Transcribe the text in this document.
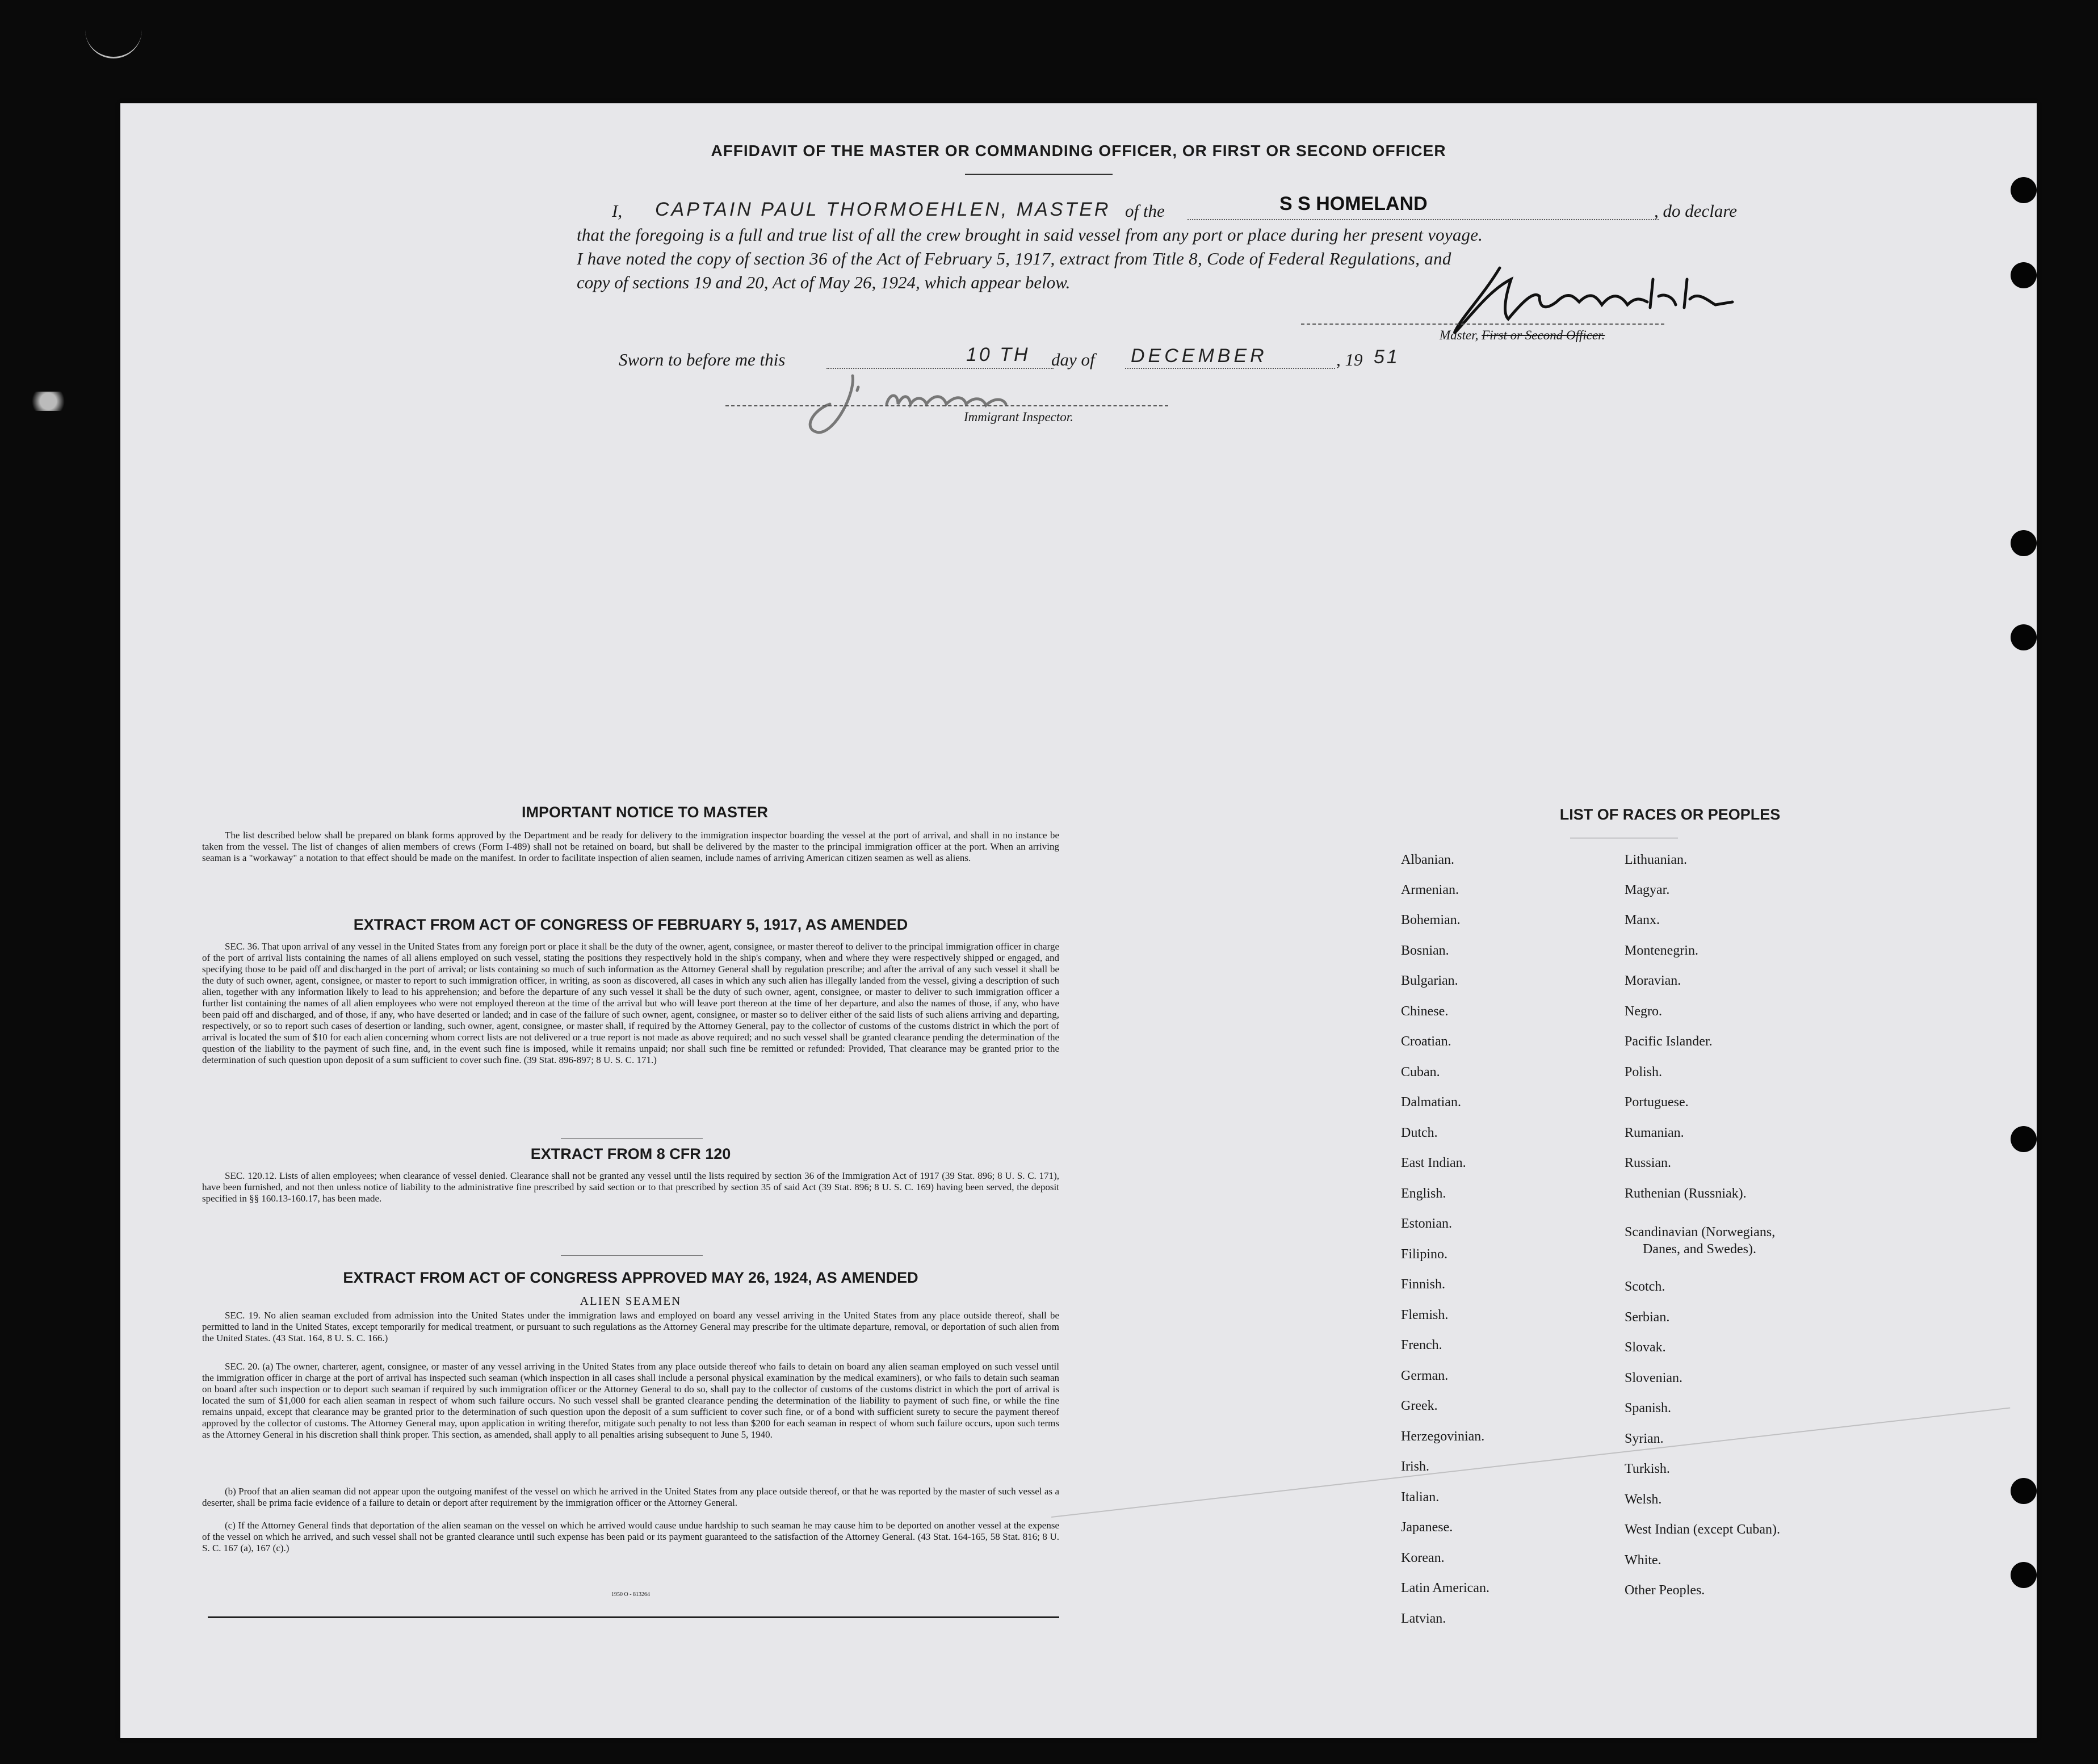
AFFIDAVIT OF THE MASTER OR COMMANDING OFFICER, OR FIRST OR SECOND OFFICER
I, CAPTAIN PAUL THORMOEHLEN, MASTER of the	S S HOMELAND	, do declare
that the foregoing is a full and true list of all the crew brought in said vessel from any port or place during her present voyage.
I have noted the copy of section 36 of the Act of February 5, 1917, extract from Title 8, Code of Federal Regulations, and
copy of sections 19 and 20, Act of May 26, 1924, which appear below.
Master, First or Second Officer.
Sworn to before me this	10 TH day of DECEMBER	, 19 51
Immigrant Inspector.
IMPORTANT NOTICE TO MASTER
The list described below shall be prepared on blank forms approved by the Department and be ready for delivery to the immigration inspector boarding the vessel at the port of arrival, and shall in no instance be taken from the vessel. The list of changes of alien members of crews (Form I-489) shall not be retained on board, but shall be delivered by the master to the principal immigration officer at the port. When an arriving seaman is a "workaway" a notation to that effect should be made on the manifest. In order to facilitate inspection of alien seamen, include names of arriving American citizen seamen as well as aliens.
EXTRACT FROM ACT OF CONGRESS OF FEBRUARY 5, 1917, AS AMENDED
SEC. 36. That upon arrival of any vessel in the United States from any foreign port or place it shall be the duty of the owner, agent, consignee, or master thereof to deliver to the principal immigration officer in charge of the port of arrival lists containing the names of all aliens employed on such vessel, stating the positions they respectively hold in the ship's company, when and where they were respectively shipped or engaged, and specifying those to be paid off and discharged in the port of arrival; or lists containing so much of such information as the Attorney General shall by regulation prescribe; and after the arrival of any such vessel it shall be the duty of such owner, agent, consignee, or master to report to such immigration officer, in writing, as soon as discovered, all cases in which any such alien has illegally landed from the vessel, giving a description of such alien, together with any information likely to lead to his apprehension; and before the departure of any such vessel it shall be the duty of such owner, agent, consignee, or master to deliver to such immigration officer a further list containing the names of all alien employees who were not employed thereon at the time of the arrival but who will leave port thereon at the time of her departure, and also the names of those, if any, who have been paid off and discharged, and of those, if any, who have deserted or landed; and in case of the failure of such owner, agent, consignee, or master so to deliver either of the said lists of such aliens arriving and departing, respectively, or so to report such cases of desertion or landing, such owner, agent, consignee, or master shall, if required by the Attorney General, pay to the collector of customs of the customs district in which the port of arrival is located the sum of $10 for each alien concerning whom correct lists are not delivered or a true report is not made as above required; and no such vessel shall be granted clearance pending the determination of the question of the liability to the payment of such fine, and, in the event such fine is imposed, while it remains unpaid; nor shall such fine be remitted or refunded: Provided, That clearance may be granted prior to the determination of such question upon deposit of a sum sufficient to cover such fine. (39 Stat. 896-897; 8 U. S. C. 171.)
EXTRACT FROM 8 CFR 120
SEC. 120.12. Lists of alien employees; when clearance of vessel denied. Clearance shall not be granted any vessel until the lists required by section 36 of the Immigration Act of 1917 (39 Stat. 896; 8 U. S. C. 171), have been furnished, and not then unless notice of liability to the administrative fine prescribed by said section or to that prescribed by section 35 of said Act (39 Stat. 896; 8 U. S. C. 169) having been served, the deposit specified in §§ 160.13-160.17, has been made.
EXTRACT FROM ACT OF CONGRESS APPROVED MAY 26, 1924, AS AMENDED
ALIEN SEAMEN
SEC. 19. No alien seaman excluded from admission into the United States under the immigration laws and employed on board any vessel arriving in the United States from any place outside thereof, shall be permitted to land in the United States, except temporarily for medical treatment, or pursuant to such regulations as the Attorney General may prescribe for the ultimate departure, removal, or deportation of such alien from the United States. (43 Stat. 164, 8 U. S. C. 166.)
SEC. 20. (a) The owner, charterer, agent, consignee, or master of any vessel arriving in the United States from any place outside thereof who fails to detain on board any alien seaman employed on such vessel until the immigration officer in charge at the port of arrival has inspected such seaman (which inspection in all cases shall include a personal physical examination by the medical examiners), or who fails to detain such seaman on board after such inspection or to deport such seaman if required by such immigration officer or the Attorney General to do so, shall pay to the collector of customs of the customs district in which the port of arrival is located the sum of $1,000 for each alien seaman in respect of whom such failure occurs. No such vessel shall be granted clearance pending the determination of the liability to payment of such fine, or while the fine remains unpaid, except that clearance may be granted prior to the determination of such question upon the deposit of a sum sufficient to cover such fine, or of a bond with sufficient surety to secure the payment thereof approved by the collector of customs. The Attorney General may, upon application in writing therefor, mitigate such penalty to not less than $200 for each seaman in respect of whom such failure occurs, upon such terms as the Attorney General in his discretion shall think proper. This section, as amended, shall apply to all penalties arising subsequent to June 5, 1940.
(b) Proof that an alien seaman did not appear upon the outgoing manifest of the vessel on which he arrived in the United States from any place outside thereof, or that he was reported by the master of such vessel as a deserter, shall be prima facie evidence of a failure to detain or deport after requirement by the immigration officer or the Attorney General.
(c) If the Attorney General finds that deportation of the alien seaman on the vessel on which he arrived would cause undue hardship to such seaman he may cause him to be deported on another vessel at the expense of the vessel on which he arrived, and such vessel shall not be granted clearance until such expense has been paid or its payment guaranteed to the satisfaction of the Attorney General. (43 Stat. 164-165, 58 Stat. 816; 8 U. S. C. 167 (a), 167 (c).)
1950 O - 813264
LIST OF RACES OR PEOPLES
Albanian.
Armenian.
Bohemian.
Bosnian.
Bulgarian.
Chinese.
Croatian.
Cuban.
Dalmatian.
Dutch.
East Indian.
English.
Estonian.
Filipino.
Finnish.
Flemish.
French.
German.
Greek.
Herzegovinian.
Irish.
Italian.
Japanese.
Korean.
Latin American.
Latvian.
Lithuanian.
Magyar.
Manx.
Montenegrin.
Moravian.
Negro.
Pacific Islander.
Polish.
Portuguese.
Rumanian.
Russian.
Ruthenian (Russniak).
Scandinavian (Norwegians,
Danes, and Swedes).
Scotch.
Serbian.
Slovak.
Slovenian.
Spanish.
Syrian.
Turkish.
Welsh.
West Indian (except Cuban).
White.
Other Peoples.
